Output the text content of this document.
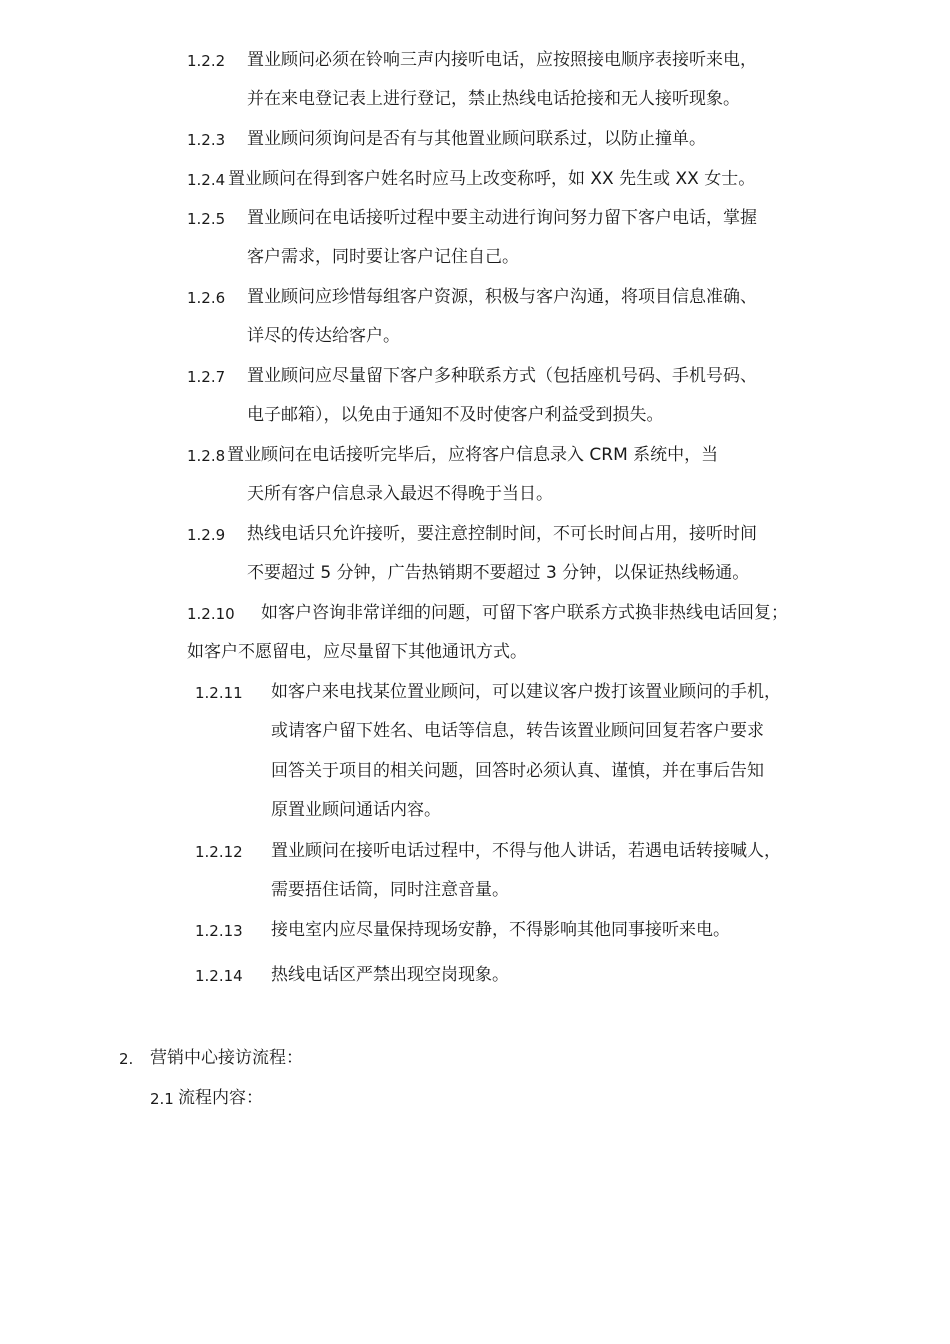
1.2.2 置业顾问必须在铃响三声内接听电话，应按照接电顺序表接听来电，
并在来电登记表上进行登记，禁止热线电话抢接和无人接听现象。
1.2.3 置业顾问须询问是否有与其他置业顾问联系过，以防止撞单。
1.2.4 置业顾问在得到客户姓名时应马上改变称呼，如 XX 先生或 XX 女士。
1.2.5 置业顾问在电话接听过程中要主动进行询问努力留下客户电话，掌握
客户需求，同时要让客户记住自己。
1.2.6 置业顾问应珍惜每组客户资源，积极与客户沟通，将项目信息准确、
详尽的传达给客户。
1.2.7 置业顾问应尽量留下客户多种联系方式（包括座机号码、手机号码、
电子邮箱），以免由于通知不及时使客户利益受到损失。
1.2.8 置业顾问在电话接听完毕后，应将客户信息录入 CRM 系统中，当
天所有客户信息录入最迟不得晚于当日。
1.2.9 热线电话只允许接听，要注意控制时间，不可长时间占用，接听时间
不要超过 5 分钟，广告热销期不要超过 3 分钟，以保证热线畅通。
1.2.10 如客户咨询非常详细的问题，可留下客户联系方式换非热线电话回复；
如客户不愿留电，应尽量留下其他通讯方式。
1.2.11 如客户来电找某位置业顾问，可以建议客户拨打该置业顾问的手机，
或请客户留下姓名、电话等信息，转告该置业顾问回复若客户要求
回答关于项目的相关问题，回答时必须认真、谨慎，并在事后告知
原置业顾问通话内容。
1.2.12 置业顾问在接听电话过程中，不得与他人讲话，若遇电话转接喊人，
需要捂住话筒，同时注意音量。
1.2.13 接电室内应尽量保持现场安静，不得影响其他同事接听来电。
1.2.14 热线电话区严禁出现空岗现象。
2. 营销中心接访流程：
2.1 流程内容：
